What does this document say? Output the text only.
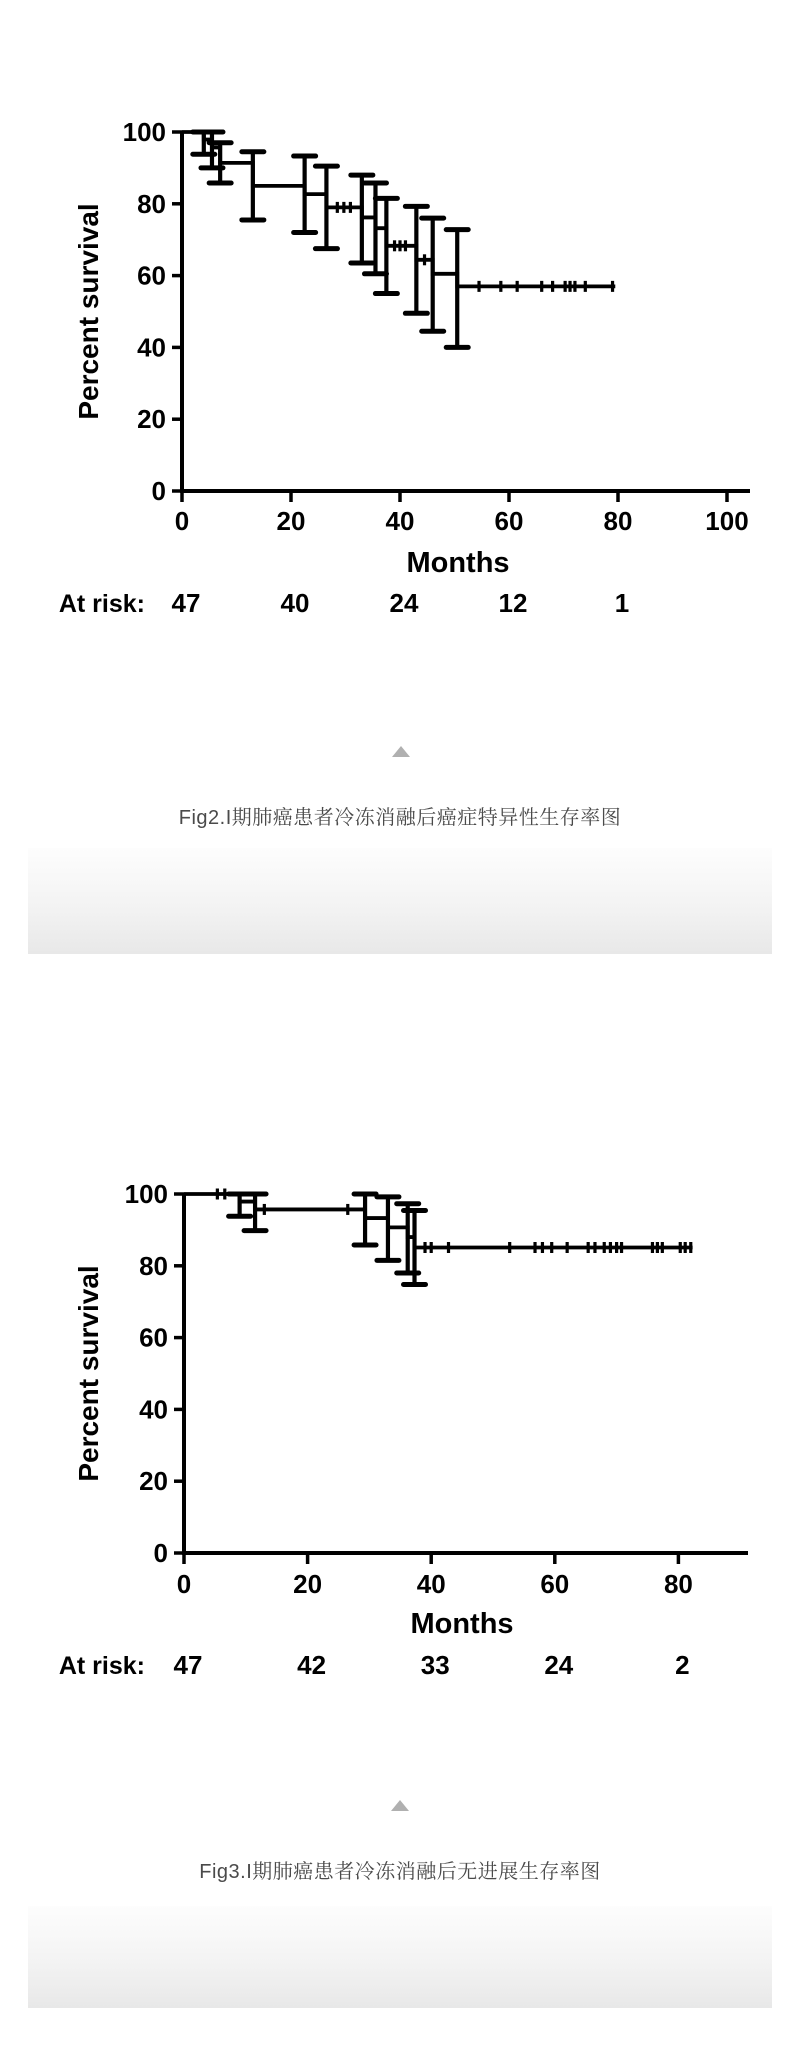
0
20
40
60
80
100
0	20	40	60	80	100
Months
Percent survival
At risk: 47	40	24	12	1
Fig2.I期肺癌患者冷冻消融后癌症特异性生存率图
0
20
40
60
80
100
0	20	40	60	80
Months
Percent survival
At risk: 47	42	33	24	2
Fig3.I期肺癌患者冷冻消融后无进展生存率图
